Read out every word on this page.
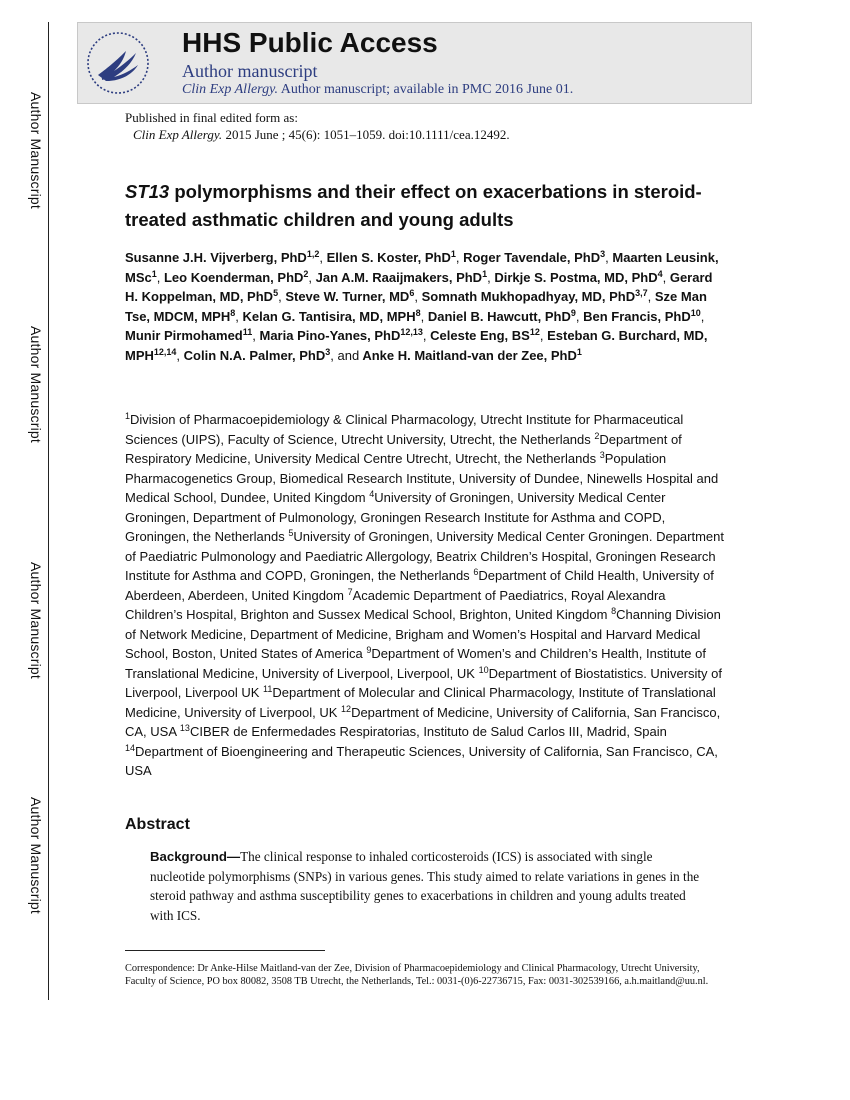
Author Manuscript
Author Manuscript
Author Manuscript
Author Manuscript
HHS Public Access
Author manuscript
Clin Exp Allergy. Author manuscript; available in PMC 2016 June 01.
Published in final edited form as:
Clin Exp Allergy. 2015 June ; 45(6): 1051–1059. doi:10.1111/cea.12492.
ST13 polymorphisms and their effect on exacerbations in steroid-treated asthmatic children and young adults
Susanne J.H. Vijverberg, PhD$^{1,2}$, Ellen S. Koster, PhD$^1$, Roger Tavendale, PhD$^3$, Maarten Leusink, MSc$^1$, Leo Koenderman, PhD$^2$, Jan A.M. Raaijmakers, PhD$^1$, Dirkje S. Postma, MD, PhD$^4$, Gerard H. Koppelman, MD, PhD$^5$, Steve W. Turner, $MD^6$, Somnath Mukhopadhyay, MD, PhD$^{3,7}$, Sze Man Tse, MDCM, MPH$^8$, Kelan G. Tantisira, MD, MPH$^8$, Daniel B. Hawcutt, PhD$^9$, Ben Francis, PhD$^{10}$, Munir Pirmohamed$^{11}$, Maria Pino-Yanes, PhD$^{12,13}$, Celeste Eng, BS$^{12}$, Esteban G. Burchard, MD, MPH$^{12,14}$, Colin N.A. Palmer, PhD$^3$, and Anke H. Maitland-van der Zee, PhD$^1$
$^1$Division of Pharmacoepidemiology & Clinical Pharmacology, Utrecht Institute for Pharmaceutical Sciences (UIPS), Faculty of Science, Utrecht University, Utrecht, the Netherlands $^2$Department of Respiratory Medicine, University Medical Centre Utrecht, Utrecht, the Netherlands $^3$Population Pharmacogenetics Group, Biomedical Research Institute, University of Dundee, Ninewells Hospital and Medical School, Dundee, United Kingdom $^4$University of Groningen, University Medical Center Groningen, Department of Pulmonology, Groningen Research Institute for Asthma and COPD, Groningen, the Netherlands $^5$University of Groningen, University Medical Center Groningen. Department of Paediatric Pulmonology and Paediatric Allergology, Beatrix Children’s Hospital, Groningen Research Institute for Asthma and COPD, Groningen, the Netherlands $^6$Department of Child Health, University of Aberdeen, Aberdeen, United Kingdom $^7$Academic Department of Paediatrics, Royal Alexandra Children’s Hospital, Brighton and Sussex Medical School, Brighton, United Kingdom $^8$Channing Division of Network Medicine, Department of Medicine, Brigham and Women’s Hospital and Harvard Medical School, Boston, United States of America $^9$Department of Women’s and Children’s Health, Institute of Translational Medicine, University of Liverpool, Liverpool, UK $^{10}$Department of Biostatistics. University of Liverpool, Liverpool UK $^{11}$Department of Molecular and Clinical Pharmacology, Institute of Translational Medicine, University of Liverpool, UK $^{12}$Department of Medicine, University of California, San Francisco, CA, USA $^{13}$CIBER de Enfermedades Respiratorias, Instituto de Salud Carlos III, Madrid, Spain $^{14}$Department of Bioengineering and Therapeutic Sciences, University of California, San Francisco, CA, USA
Abstract
Background—The clinical response to inhaled corticosteroids (ICS) is associated with single nucleotide polymorphisms (SNPs) in various genes. This study aimed to relate variations in genes in the steroid pathway and asthma susceptibility genes to exacerbations in children and young adults treated with ICS.
Correspondence: Dr Anke-Hilse Maitland-van der Zee, Division of Pharmacoepidemiology and Clinical Pharmacology, Utrecht University, Faculty of Science, PO box 80082, 3508 TB Utrecht, the Netherlands, Tel.: 0031-(0)6-22736715, Fax: 0031-302539166, a.h.maitland@uu.nl.
